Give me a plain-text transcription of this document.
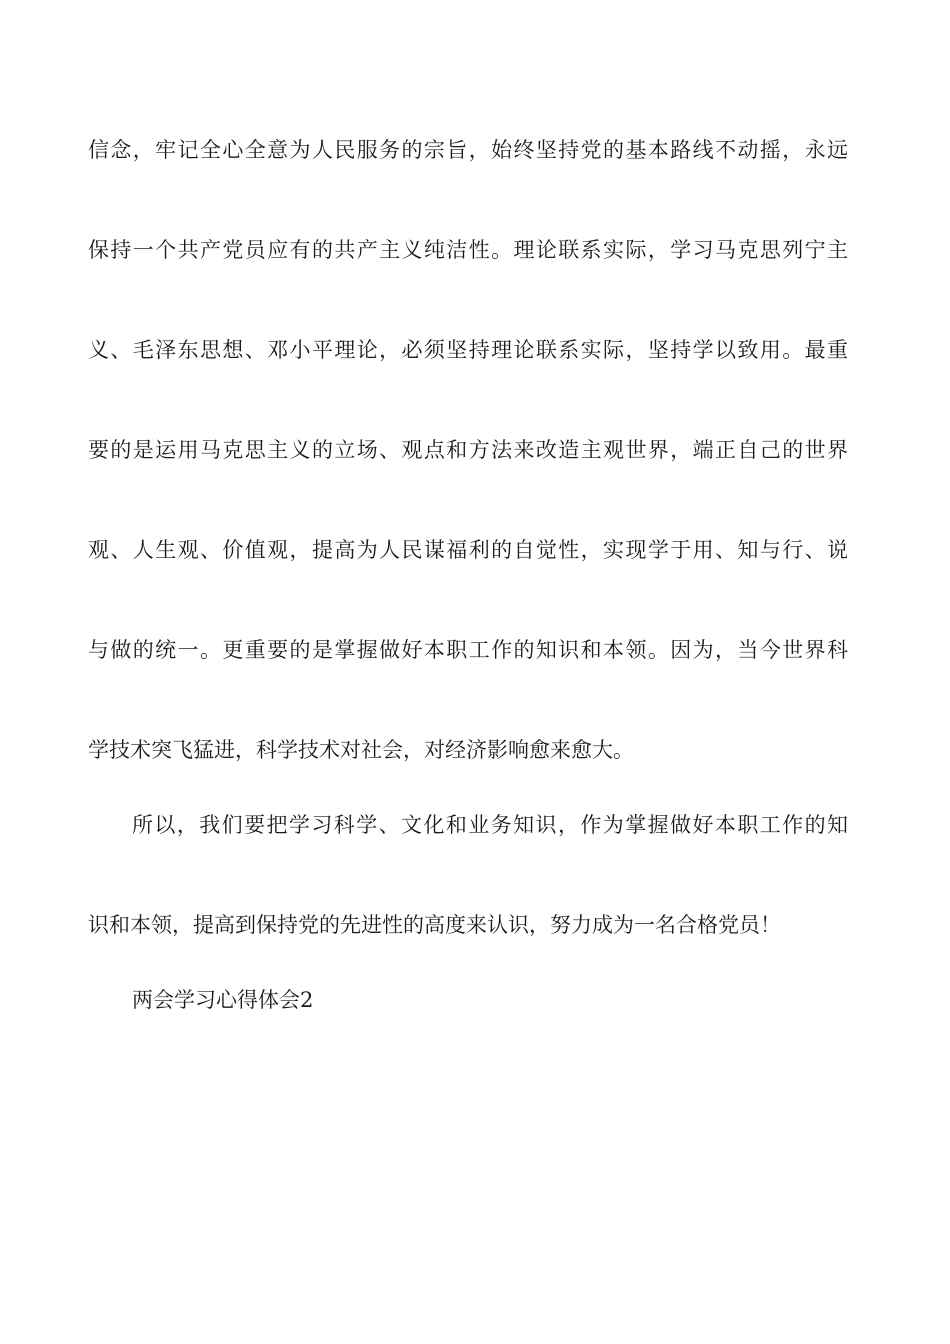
信念，牢记全心全意为人民服务的宗旨，始终坚持党的基本路线不动摇，永远
保持一个共产党员应有的共产主义纯洁性。理论联系实际，学习马克思列宁主
义、毛泽东思想、邓小平理论，必须坚持理论联系实际，坚持学以致用。最重
要的是运用马克思主义的立场、观点和方法来改造主观世界，端正自己的世界
观、人生观、价值观，提高为人民谋福利的自觉性，实现学于用、知与行、说
与做的统一。更重要的是掌握做好本职工作的知识和本领。因为，当今世界科
学技术突飞猛进，科学技术对社会，对经济影响愈来愈大。
所以，我们要把学习科学、文化和业务知识，作为掌握做好本职工作的知
识和本领，提高到保持党的先进性的高度来认识，努力成为一名合格党员！
两会学习心得体会2
